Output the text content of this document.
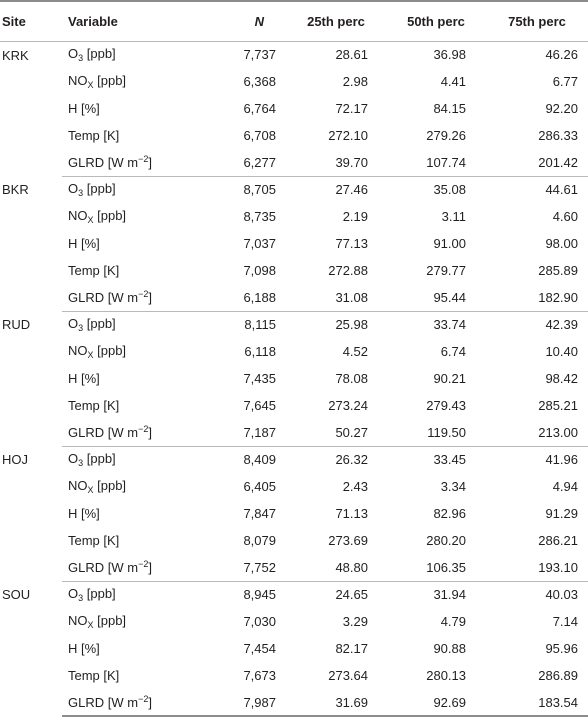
Site	Variable	N	25th perc	50th perc	75th perc
KRK	$O_3$ [ppb]	7,737	28.61	36.98	46.26
	$NO_X$ [ppb]	6,368	2.98	4.41	6.77
	H [%]	6,764	72.17	84.15	92.20
	Temp [K]	6,708	272.10	279.26	286.33
	GLRD [W $m^{-2}$]	6,277	39.70	107.74	201.42
BKR	$O_3$ [ppb]	8,705	27.46	35.08	44.61
	$NO_X$ [ppb]	8,735	2.19	3.11	4.60
	H [%]	7,037	77.13	91.00	98.00
	Temp [K]	7,098	272.88	279.77	285.89
	GLRD [W $m^{-2}$]	6,188	31.08	95.44	182.90
RUD	$O_3$ [ppb]	8,115	25.98	33.74	42.39
	$NO_X$ [ppb]	6,118	4.52	6.74	10.40
	H [%]	7,435	78.08	90.21	98.42
	Temp [K]	7,645	273.24	279.43	285.21
	GLRD [W $m^{-2}$]	7,187	50.27	119.50	213.00
HOJ	$O_3$ [ppb]	8,409	26.32	33.45	41.96
	$NO_X$ [ppb]	6,405	2.43	3.34	4.94
	H [%]	7,847	71.13	82.96	91.29
	Temp [K]	8,079	273.69	280.20	286.21
	GLRD [W $m^{-2}$]	7,752	48.80	106.35	193.10
SOU	$O_3$ [ppb]	8,945	24.65	31.94	40.03
	$NO_X$ [ppb]	7,030	3.29	4.79	7.14
	H [%]	7,454	82.17	90.88	95.96
	Temp [K]	7,673	273.64	280.13	286.89
	GLRD [W $m^{-2}$]	7,987	31.69	92.69	183.54
